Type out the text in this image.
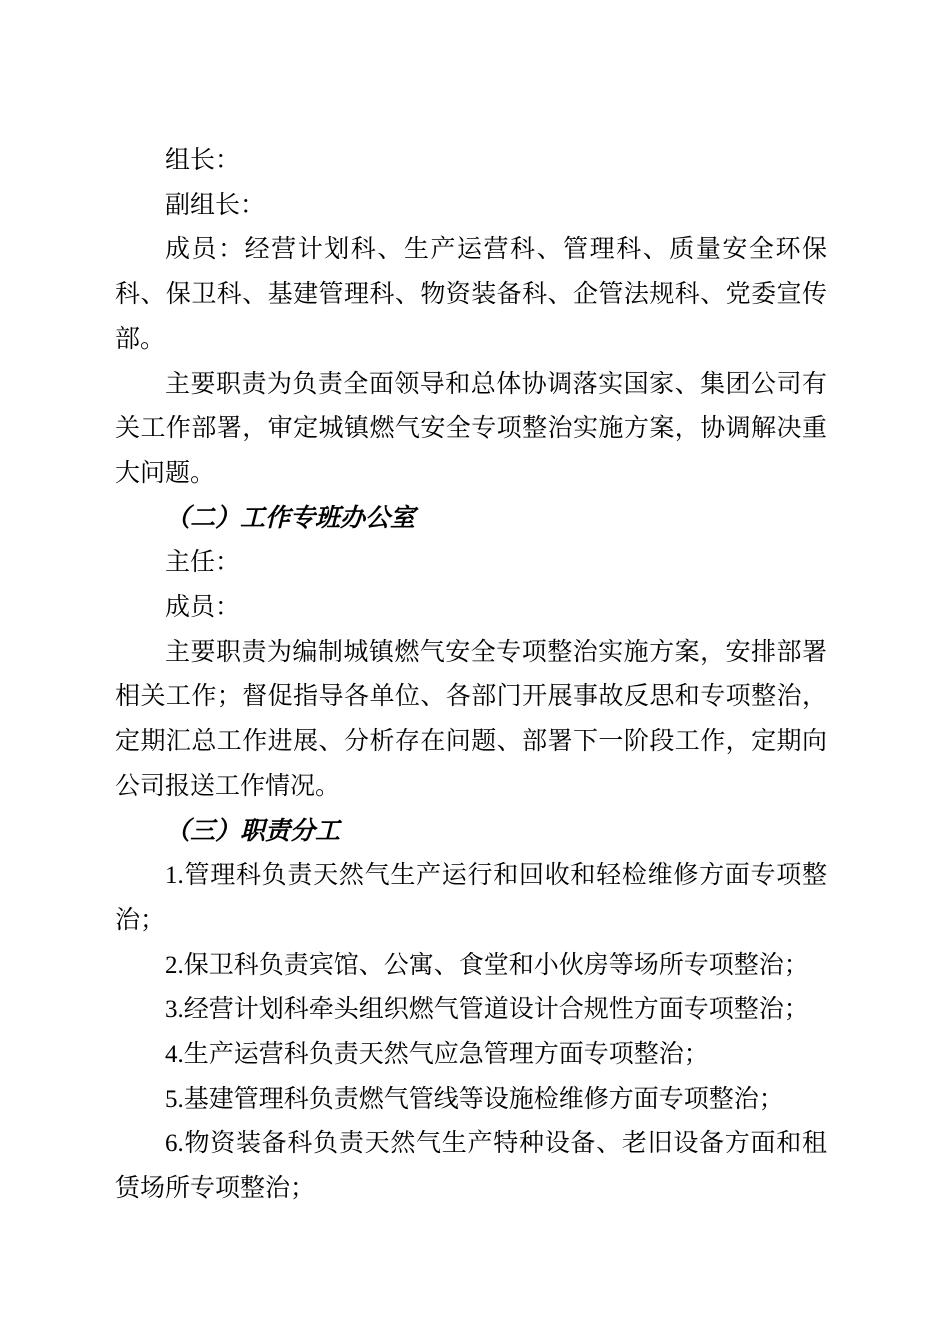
组长：

副组长：

成员：经营计划科、生产运营科、管理科、质量安全环保科、保卫科、基建管理科、物资装备科、企管法规科、党委宣传部。

主要职责为负责全面领导和总体协调落实国家、集团公司有关工作部署，审定城镇燃气安全专项整治实施方案，协调解决重大问题。

（二）工作专班办公室

主任：

成员：

主要职责为编制城镇燃气安全专项整治实施方案，安排部署相关工作；督促指导各单位、各部门开展事故反思和专项整治，定期汇总工作进展、分析存在问题、部署下一阶段工作，定期向公司报送工作情况。

（三）职责分工

1.管理科负责天然气生产运行和回收和轻检维修方面专项整治；

2.保卫科负责宾馆、公寓、食堂和小伙房等场所专项整治；

3.经营计划科牵头组织燃气管道设计合规性方面专项整治；

4.生产运营科负责天然气应急管理方面专项整治；

5.基建管理科负责燃气管线等设施检维修方面专项整治；

6.物资装备科负责天然气生产特种设备、老旧设备方面和租赁场所专项整治；
